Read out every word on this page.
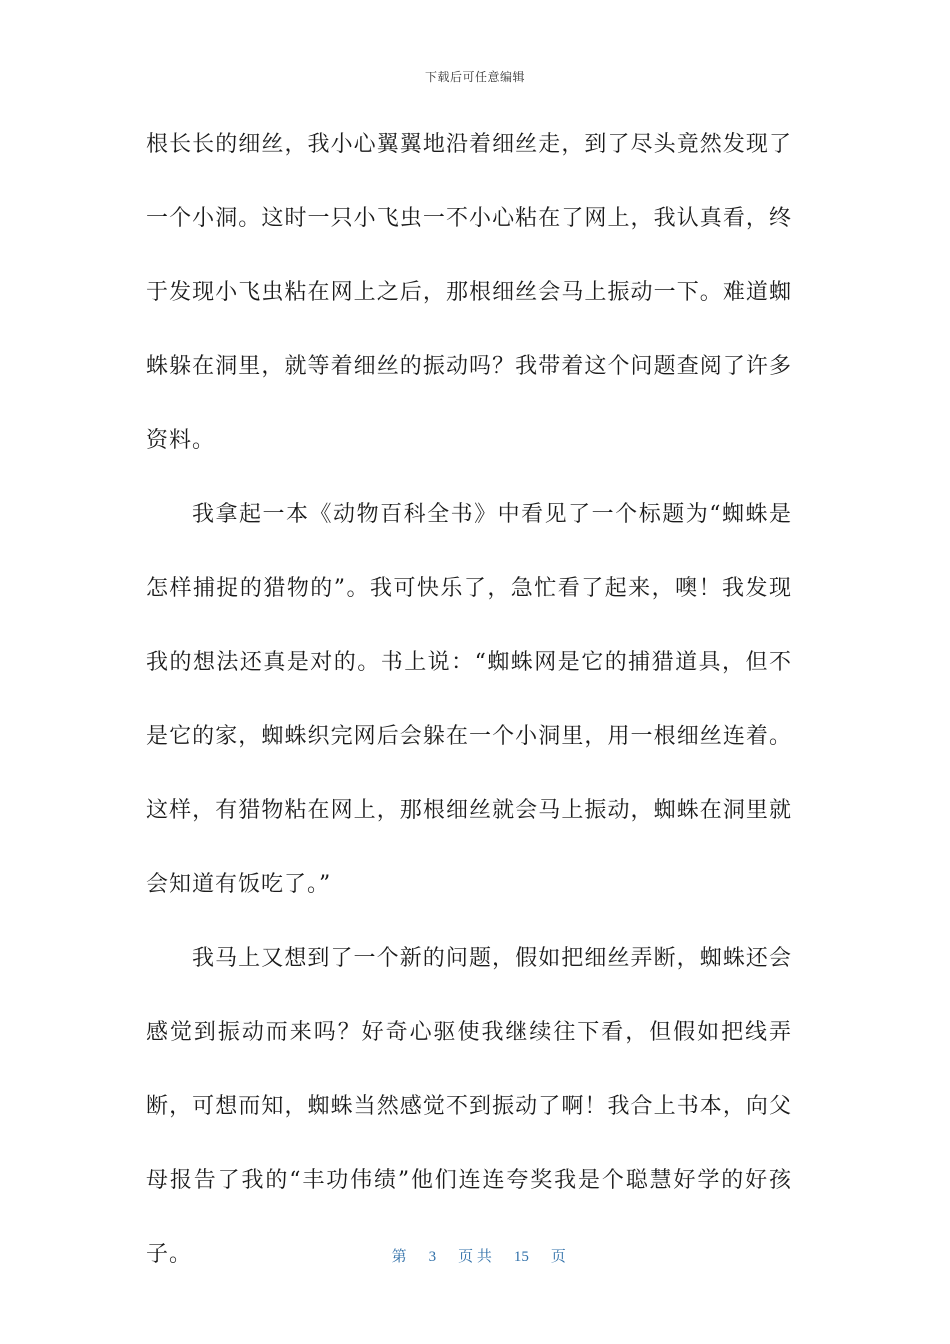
下载后可任意编辑

根长长的细丝，我小心翼翼地沿着细丝走，到了尽头竟然发现了一个小洞。这时一只小飞虫一不小心粘在了网上，我认真看，终于发现小飞虫粘在网上之后，那根细丝会马上振动一下。难道蜘蛛躲在洞里，就等着细丝的振动吗？我带着这个问题查阅了许多资料。

我拿起一本《动物百科全书》中看见了一个标题为“蜘蛛是怎样捕捉的猎物的”。我可快乐了，急忙看了起来，噢！我发现我的想法还真是对的。书上说：“蜘蛛网是它的捕猎道具，但不是它的家，蜘蛛织完网后会躲在一个小洞里，用一根细丝连着。这样，有猎物粘在网上，那根细丝就会马上振动，蜘蛛在洞里就会知道有饭吃了。”

我马上又想到了一个新的问题，假如把细丝弄断，蜘蛛还会感觉到振动而来吗？好奇心驱使我继续往下看，但假如把线弄断，可想而知，蜘蛛当然感觉不到振动了啊！我合上书本，向父母报告了我的“丰功伟绩”他们连连夸奖我是个聪慧好学的好孩子。	第 3 页 共 15 页
